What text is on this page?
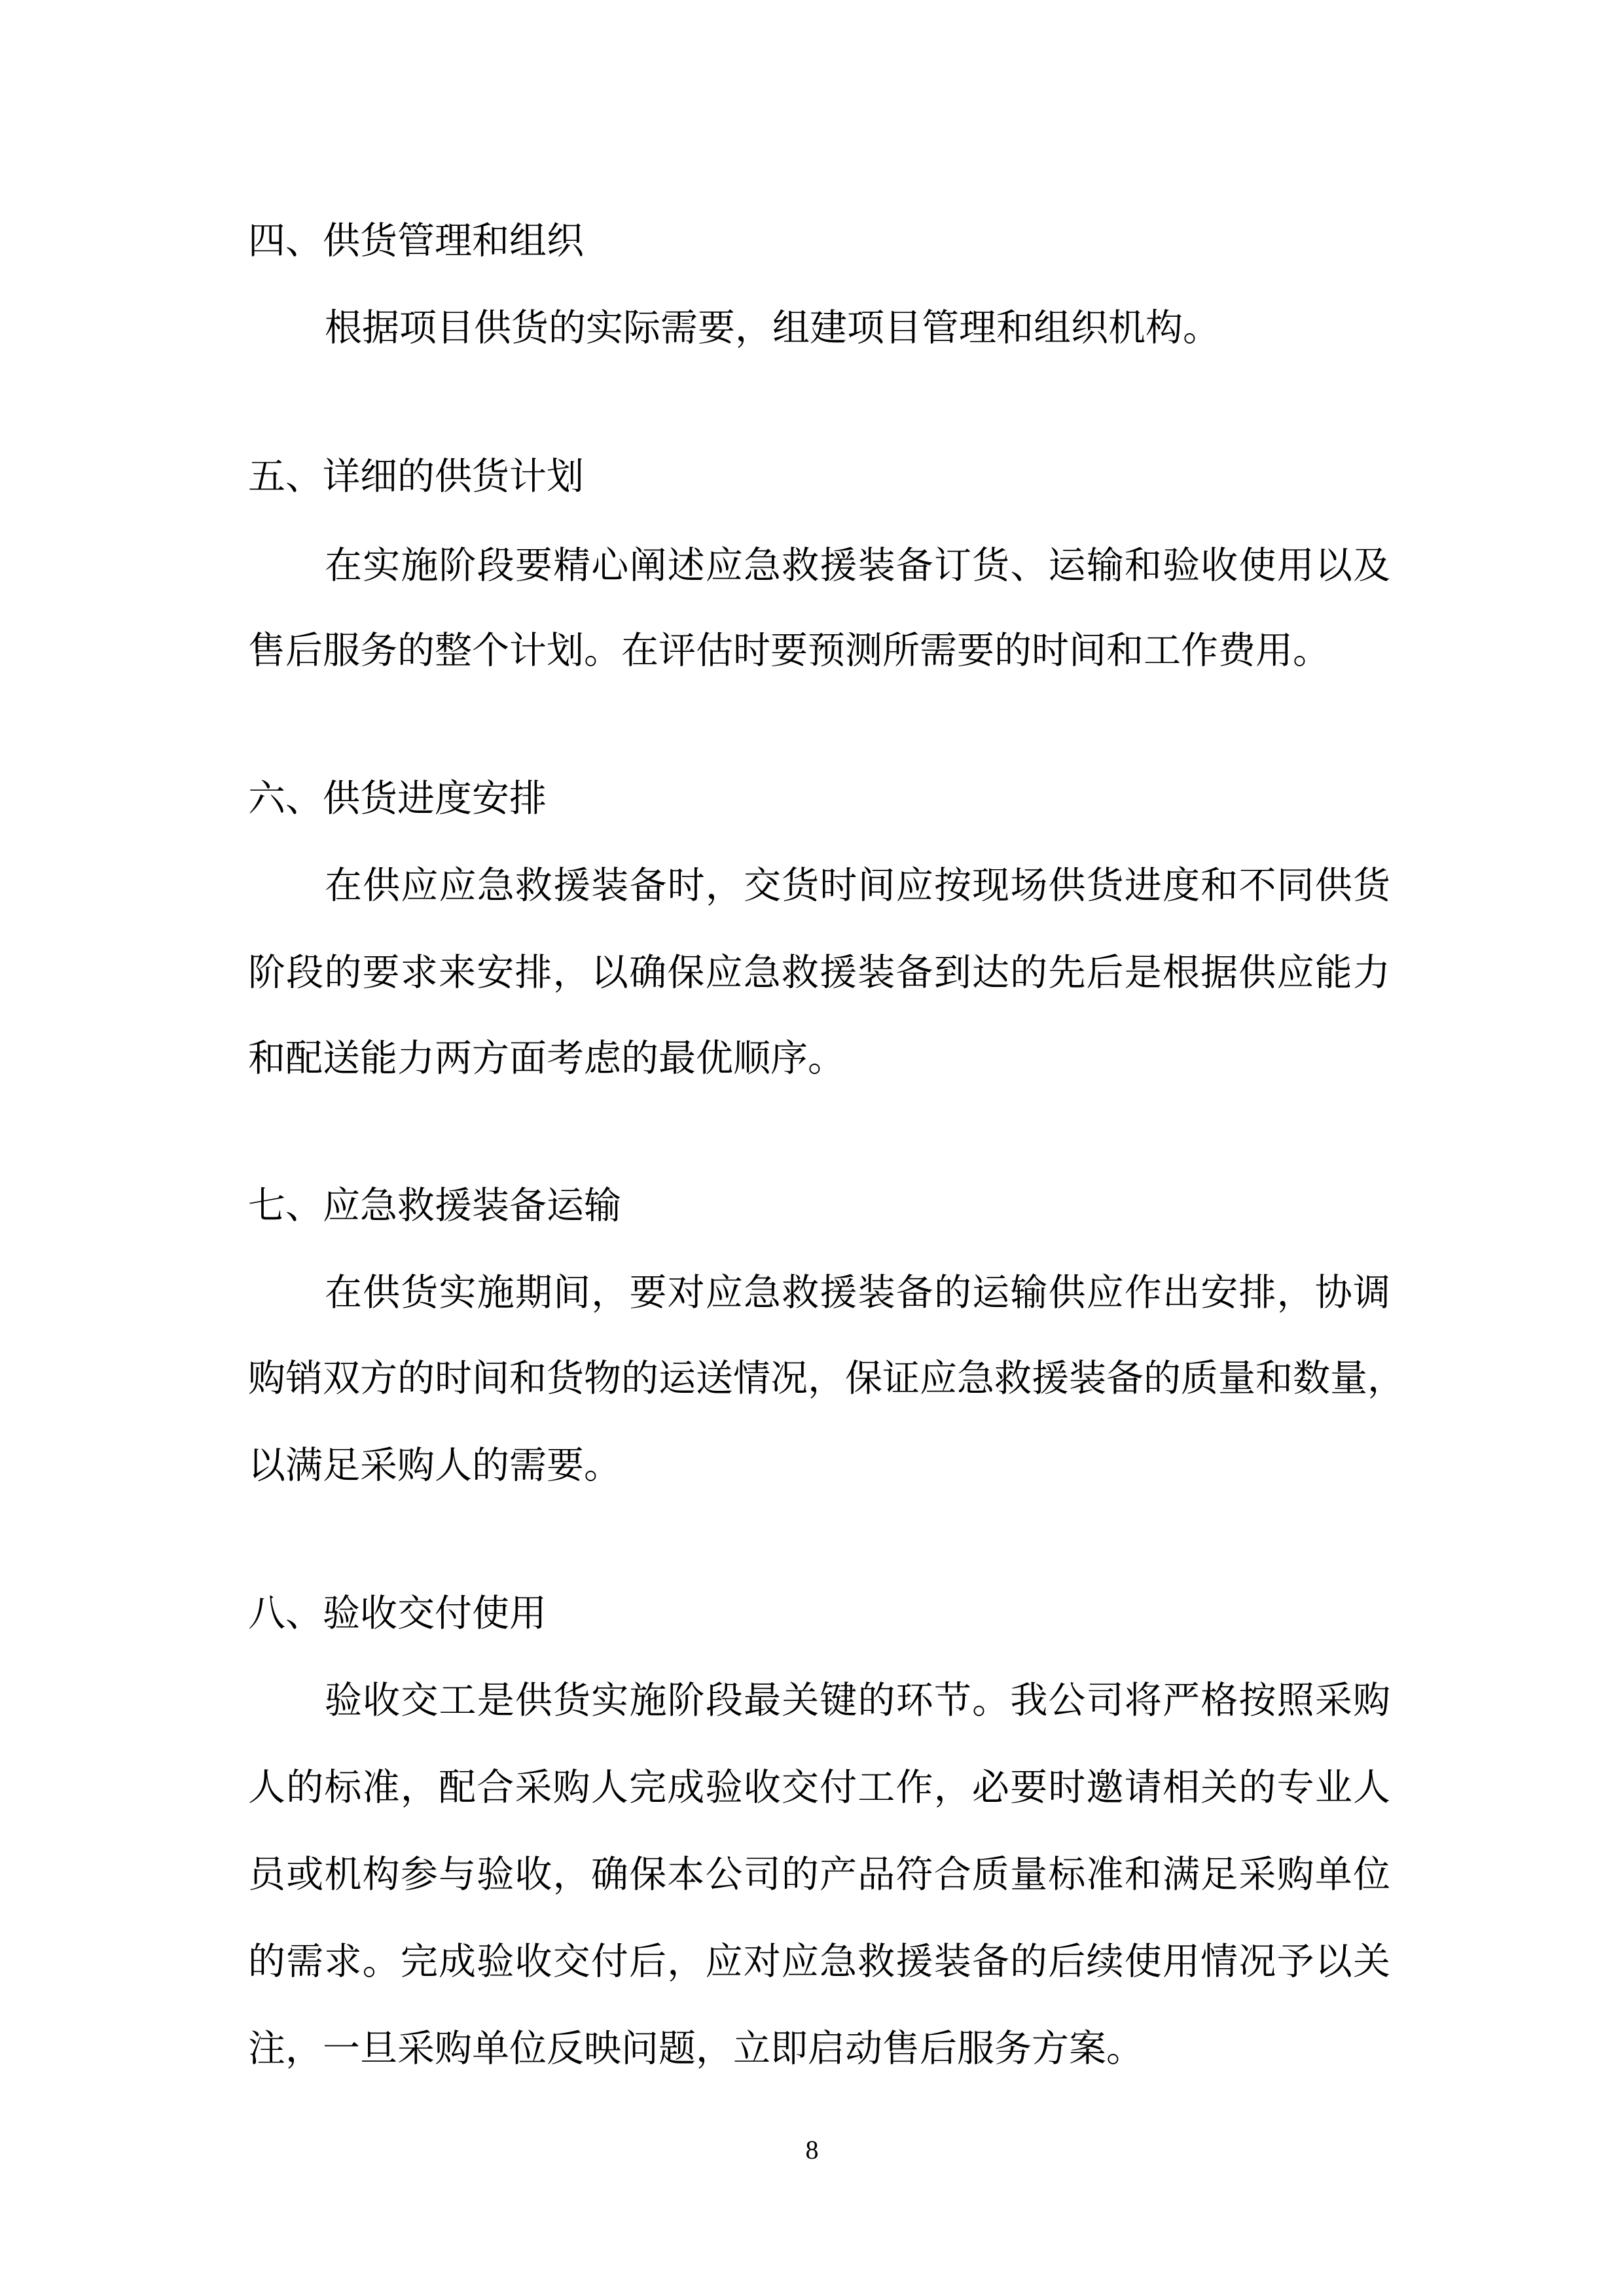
四、供货管理和组织
根据项目供货的实际需要，组建项目管理和组织机构。
五、详细的供货计划
在实施阶段要精心阐述应急救援装备订货、运输和验收使用以及
售后服务的整个计划。在评估时要预测所需要的时间和工作费用。
六、供货进度安排
在供应应急救援装备时，交货时间应按现场供货进度和不同供货
阶段的要求来安排，以确保应急救援装备到达的先后是根据供应能力
和配送能力两方面考虑的最优顺序。
七、应急救援装备运输
在供货实施期间，要对应急救援装备的运输供应作出安排，协调
购销双方的时间和货物的运送情况，保证应急救援装备的质量和数量，
以满足采购人的需要。
八、验收交付使用
验收交工是供货实施阶段最关键的环节。我公司将严格按照采购
人的标准，配合采购人完成验收交付工作，必要时邀请相关的专业人
员或机构参与验收，确保本公司的产品符合质量标准和满足采购单位
的需求。完成验收交付后，应对应急救援装备的后续使用情况予以关
注，一旦采购单位反映问题，立即启动售后服务方案。
8
